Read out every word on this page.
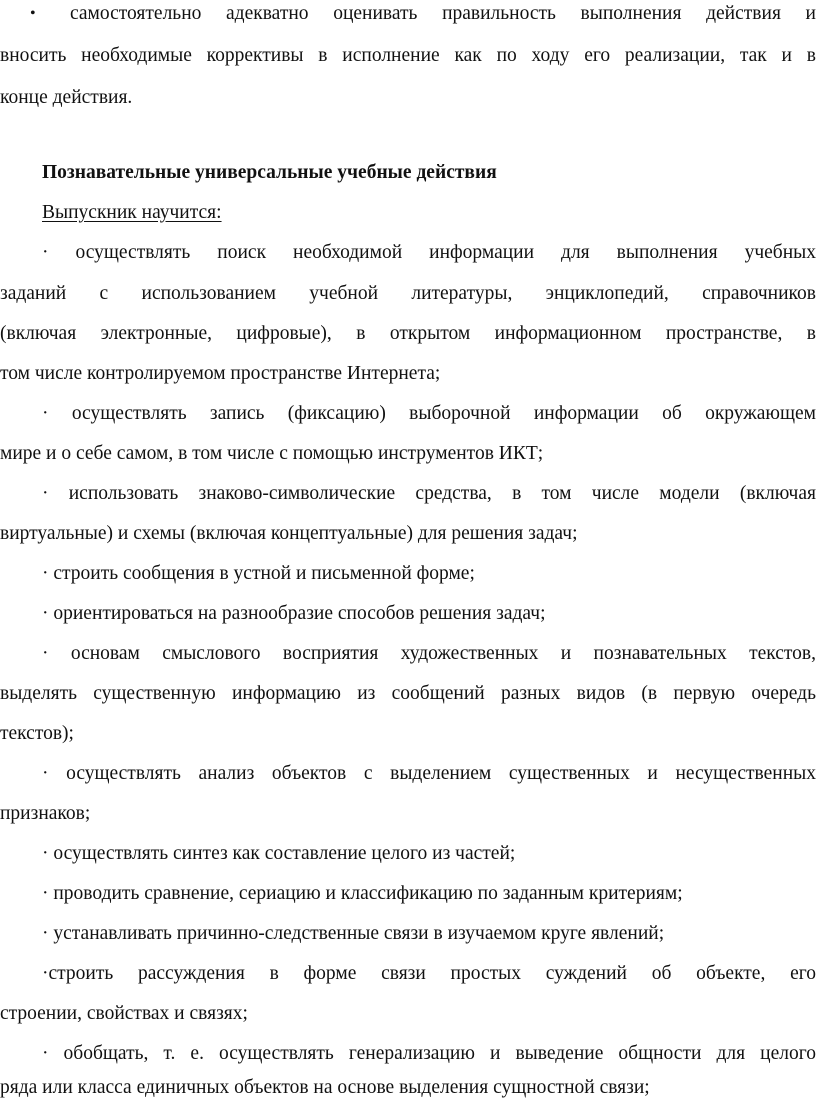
• самостоятельно адекватно оценивать правильность выполнения действия и
вносить необходимые коррективы в исполнение как по ходу его реализации, так и в
конце действия.
Познавательные универсальные учебные действия
Выпускник научится:
· осуществлять поиск необходимой информации для выполнения учебных
заданий с использованием учебной литературы, энциклопедий, справочников
(включая электронные, цифровые), в открытом информационном пространстве, в
том числе контролируемом пространстве Интернета;
· осуществлять запись (фиксацию) выборочной информации об окружающем
мире и о себе самом, в том числе с помощью инструментов ИКТ;
· использовать знаково-символические средства, в том числе модели (включая
виртуальные) и схемы (включая концептуальные) для решения задач;
· строить сообщения в устной и письменной форме;
· ориентироваться на разнообразие способов решения задач;
· основам смыслового восприятия художественных и познавательных текстов,
выделять существенную информацию из сообщений разных видов (в первую очередь
текстов);
· осуществлять анализ объектов с выделением существенных и несущественных
признаков;
· осуществлять синтез как составление целого из частей;
· проводить сравнение, сериацию и классификацию по заданным критериям;
· устанавливать причинно-следственные связи в изучаемом круге явлений;
·строить рассуждения в форме связи простых суждений об объекте, его
строении, свойствах и связях;
· обобщать, т. е. осуществлять генерализацию и выведение общности для целого
ряда или класса единичных объектов на основе выделения сущностной связи;
